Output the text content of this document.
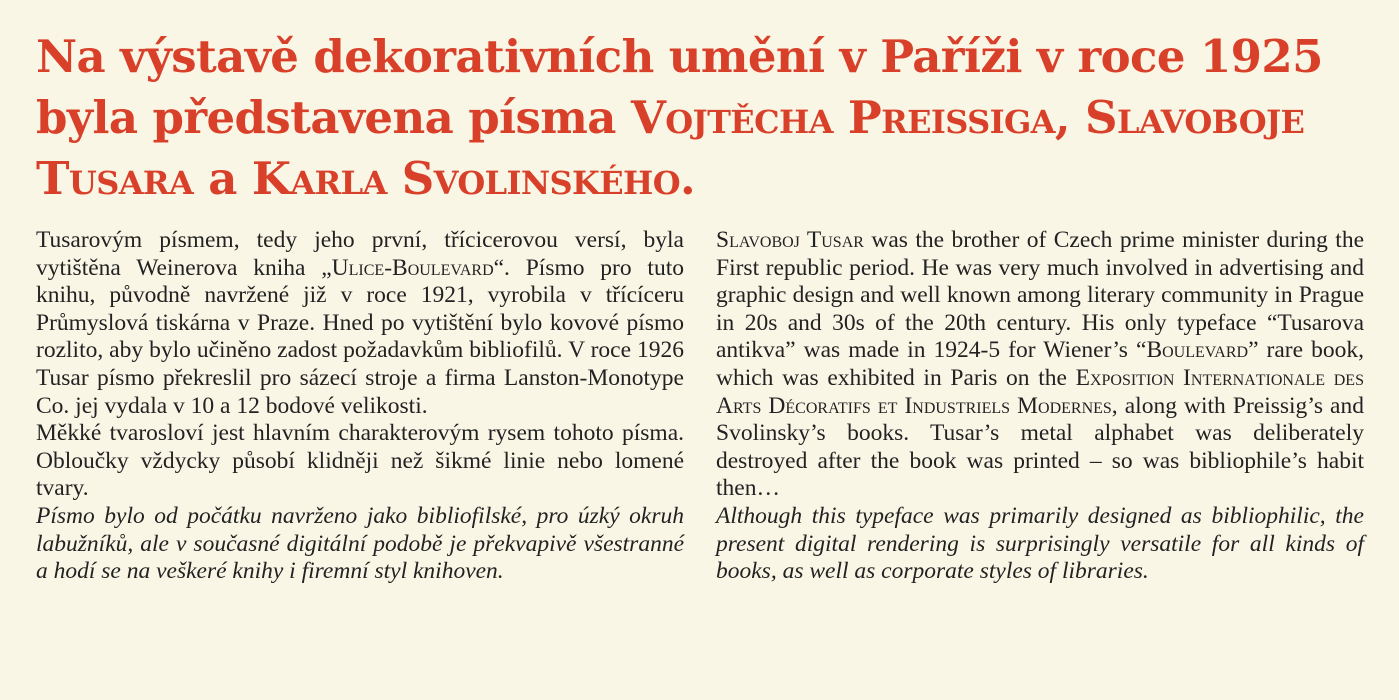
Na výstavě dekorativních umění v Paříži v roce 1925 byla představena písma Vojtěcha Preissiga, Slavoboje Tusara a Karla Svolinského.

Tusarovým písmem, tedy jeho první, třícicerovou versí, byla vytištěna Weinerova kniha „Ulice-Boulevard“. Písmo pro tuto knihu, původně navržené již v roce 1921, vyrobila v třícíceru Průmyslová tiskárna v Praze. Hned po vytištění bylo kovové písmo rozlito, aby bylo učiněno zadost požadavkům bibliofilů. V roce 1926 Tusar písmo překreslil pro sázecí stroje a firma Lanston-Monotype Co. jej vydala v 10 a 12 bodové velikosti.

Měkké tvarosloví jest hlavním charakterovým rysem tohoto písma. Obloučky vždycky působí klidněji než šikmé linie nebo lomené tvary.

Písmo bylo od počátku navrženo jako bibliofilské, pro úzký okruh labužníků, ale v současné digitální podobě je překvapivě všestranné a hodí se na veškeré knihy i firemní styl knihoven.

Slavoboj Tusar was the brother of Czech prime minister during the First republic period. He was very much involved in advertising and graphic design and well known among literary community in Prague in 20s and 30s of the 20th century. His only typeface “Tusarova antikva” was made in 1924-5 for Wiener’s “Boulevard” rare book, which was exhibited in Paris on the Exposition Internationale des Arts Décoratifs et Industriels Modernes, along with Preissig’s and Svolinsky’s books. Tusar’s metal alphabet was deliberately destroyed after the book was printed – so was bibliophile’s habit then…

Although this typeface was primarily designed as bibliophilic, the present digital rendering is surprisingly versatile for all kinds of books, as well as corporate styles of libraries.
